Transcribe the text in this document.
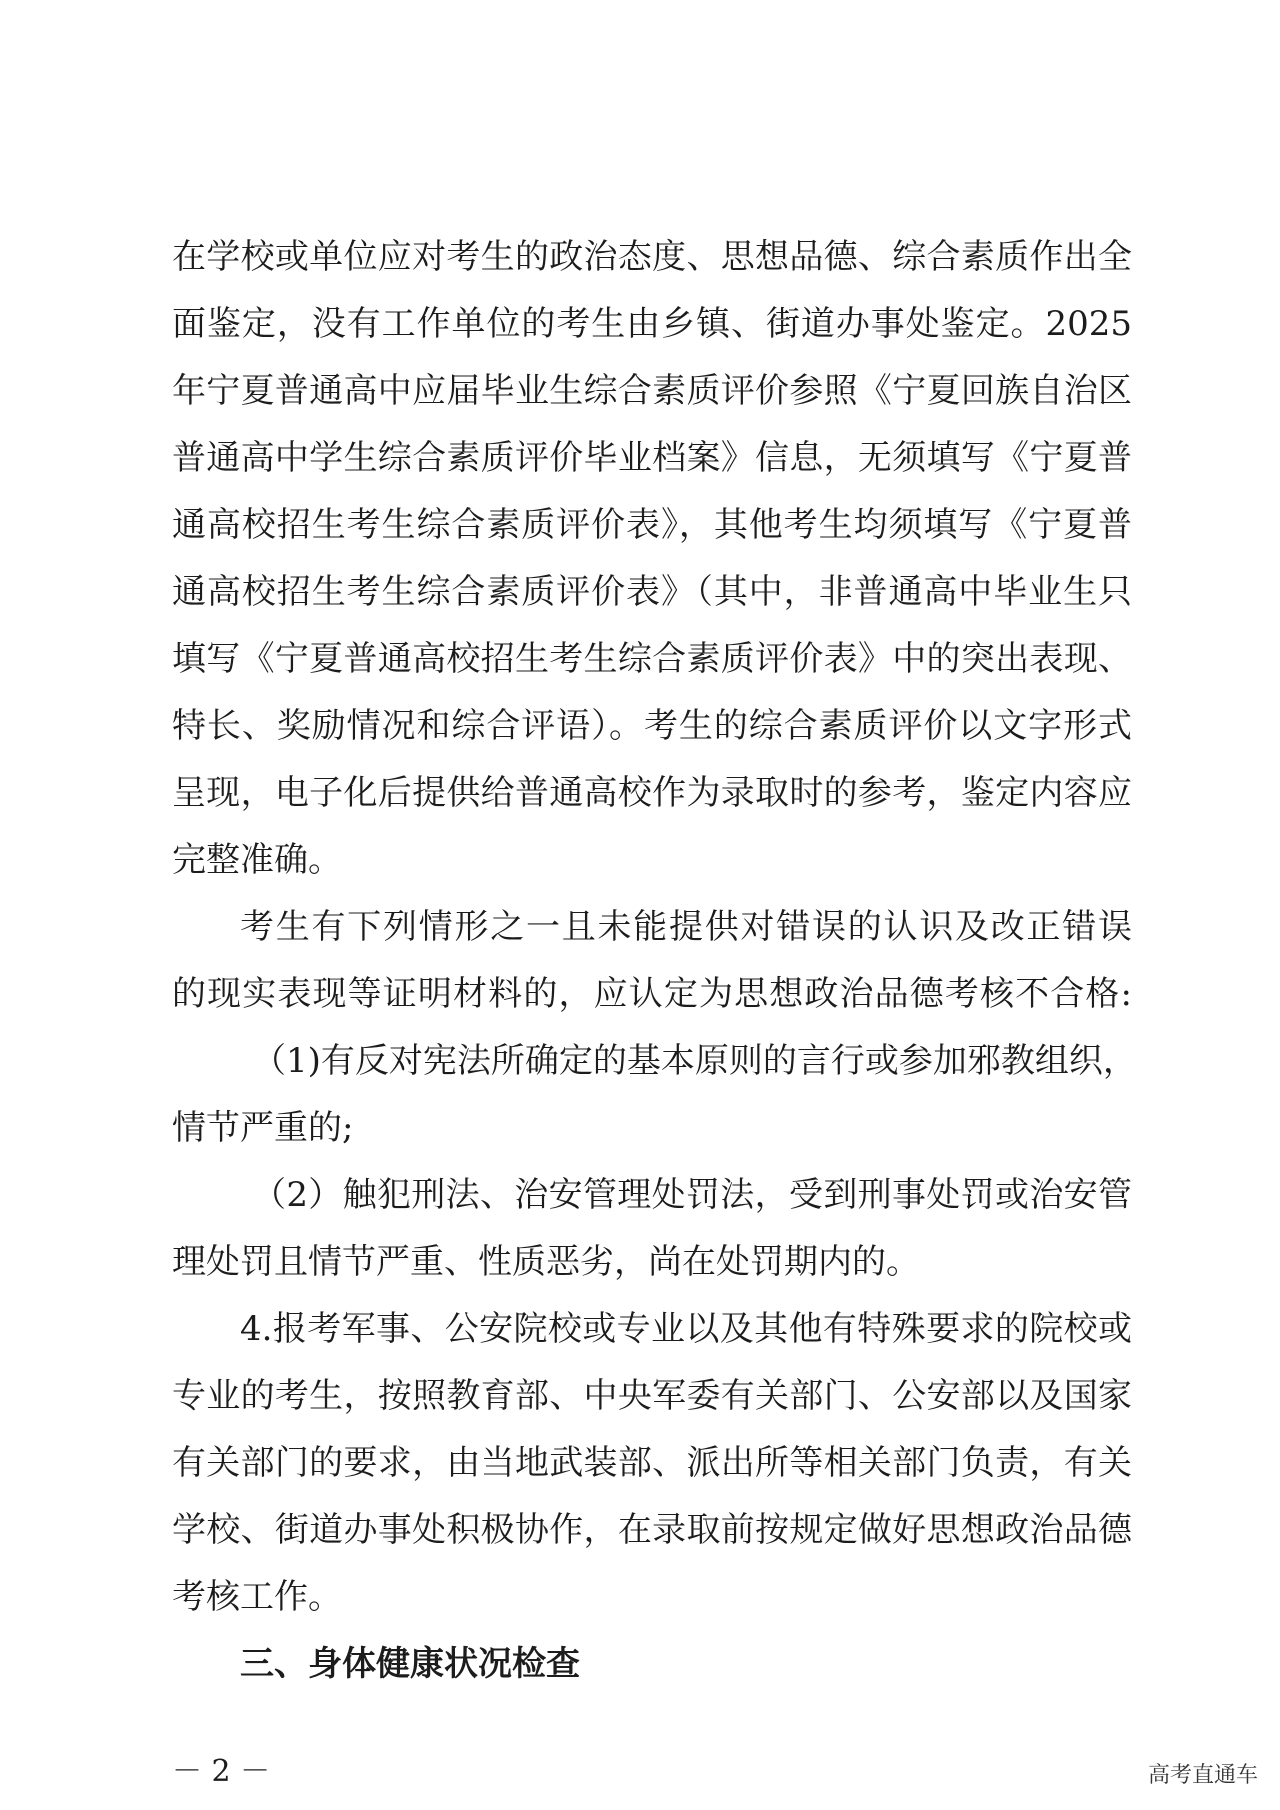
在学校或单位应对考生的政治态度、思想品德、综合素质作出全
面鉴定，没有工作单位的考生由乡镇、街道办事处鉴定。2025
年宁夏普通高中应届毕业生综合素质评价参照《宁夏回族自治区
普通高中学生综合素质评价毕业档案》信息，无须填写《宁夏普
通高校招生考生综合素质评价表》，其他考生均须填写《宁夏普
通高校招生考生综合素质评价表》（其中，非普通高中毕业生只
填写《宁夏普通高校招生考生综合素质评价表》中的突出表现、
特长、奖励情况和综合评语）。考生的综合素质评价以文字形式
呈现，电子化后提供给普通高校作为录取时的参考，鉴定内容应
完整准确。
考生有下列情形之一且未能提供对错误的认识及改正错误
的现实表现等证明材料的，应认定为思想政治品德考核不合格:
（1)有反对宪法所确定的基本原则的言行或参加邪教组织，
情节严重的;
（2）触犯刑法、治安管理处罚法，受到刑事处罚或治安管
理处罚且情节严重、性质恶劣，尚在处罚期内的。
4.报考军事、公安院校或专业以及其他有特殊要求的院校或
专业的考生，按照教育部、中央军委有关部门、公安部以及国家
有关部门的要求，由当地武装部、派出所等相关部门负责，有关
学校、街道办事处积极协作，在录取前按规定做好思想政治品德
考核工作。
三、身体健康状况检查
－ 2 －	高考直通车
